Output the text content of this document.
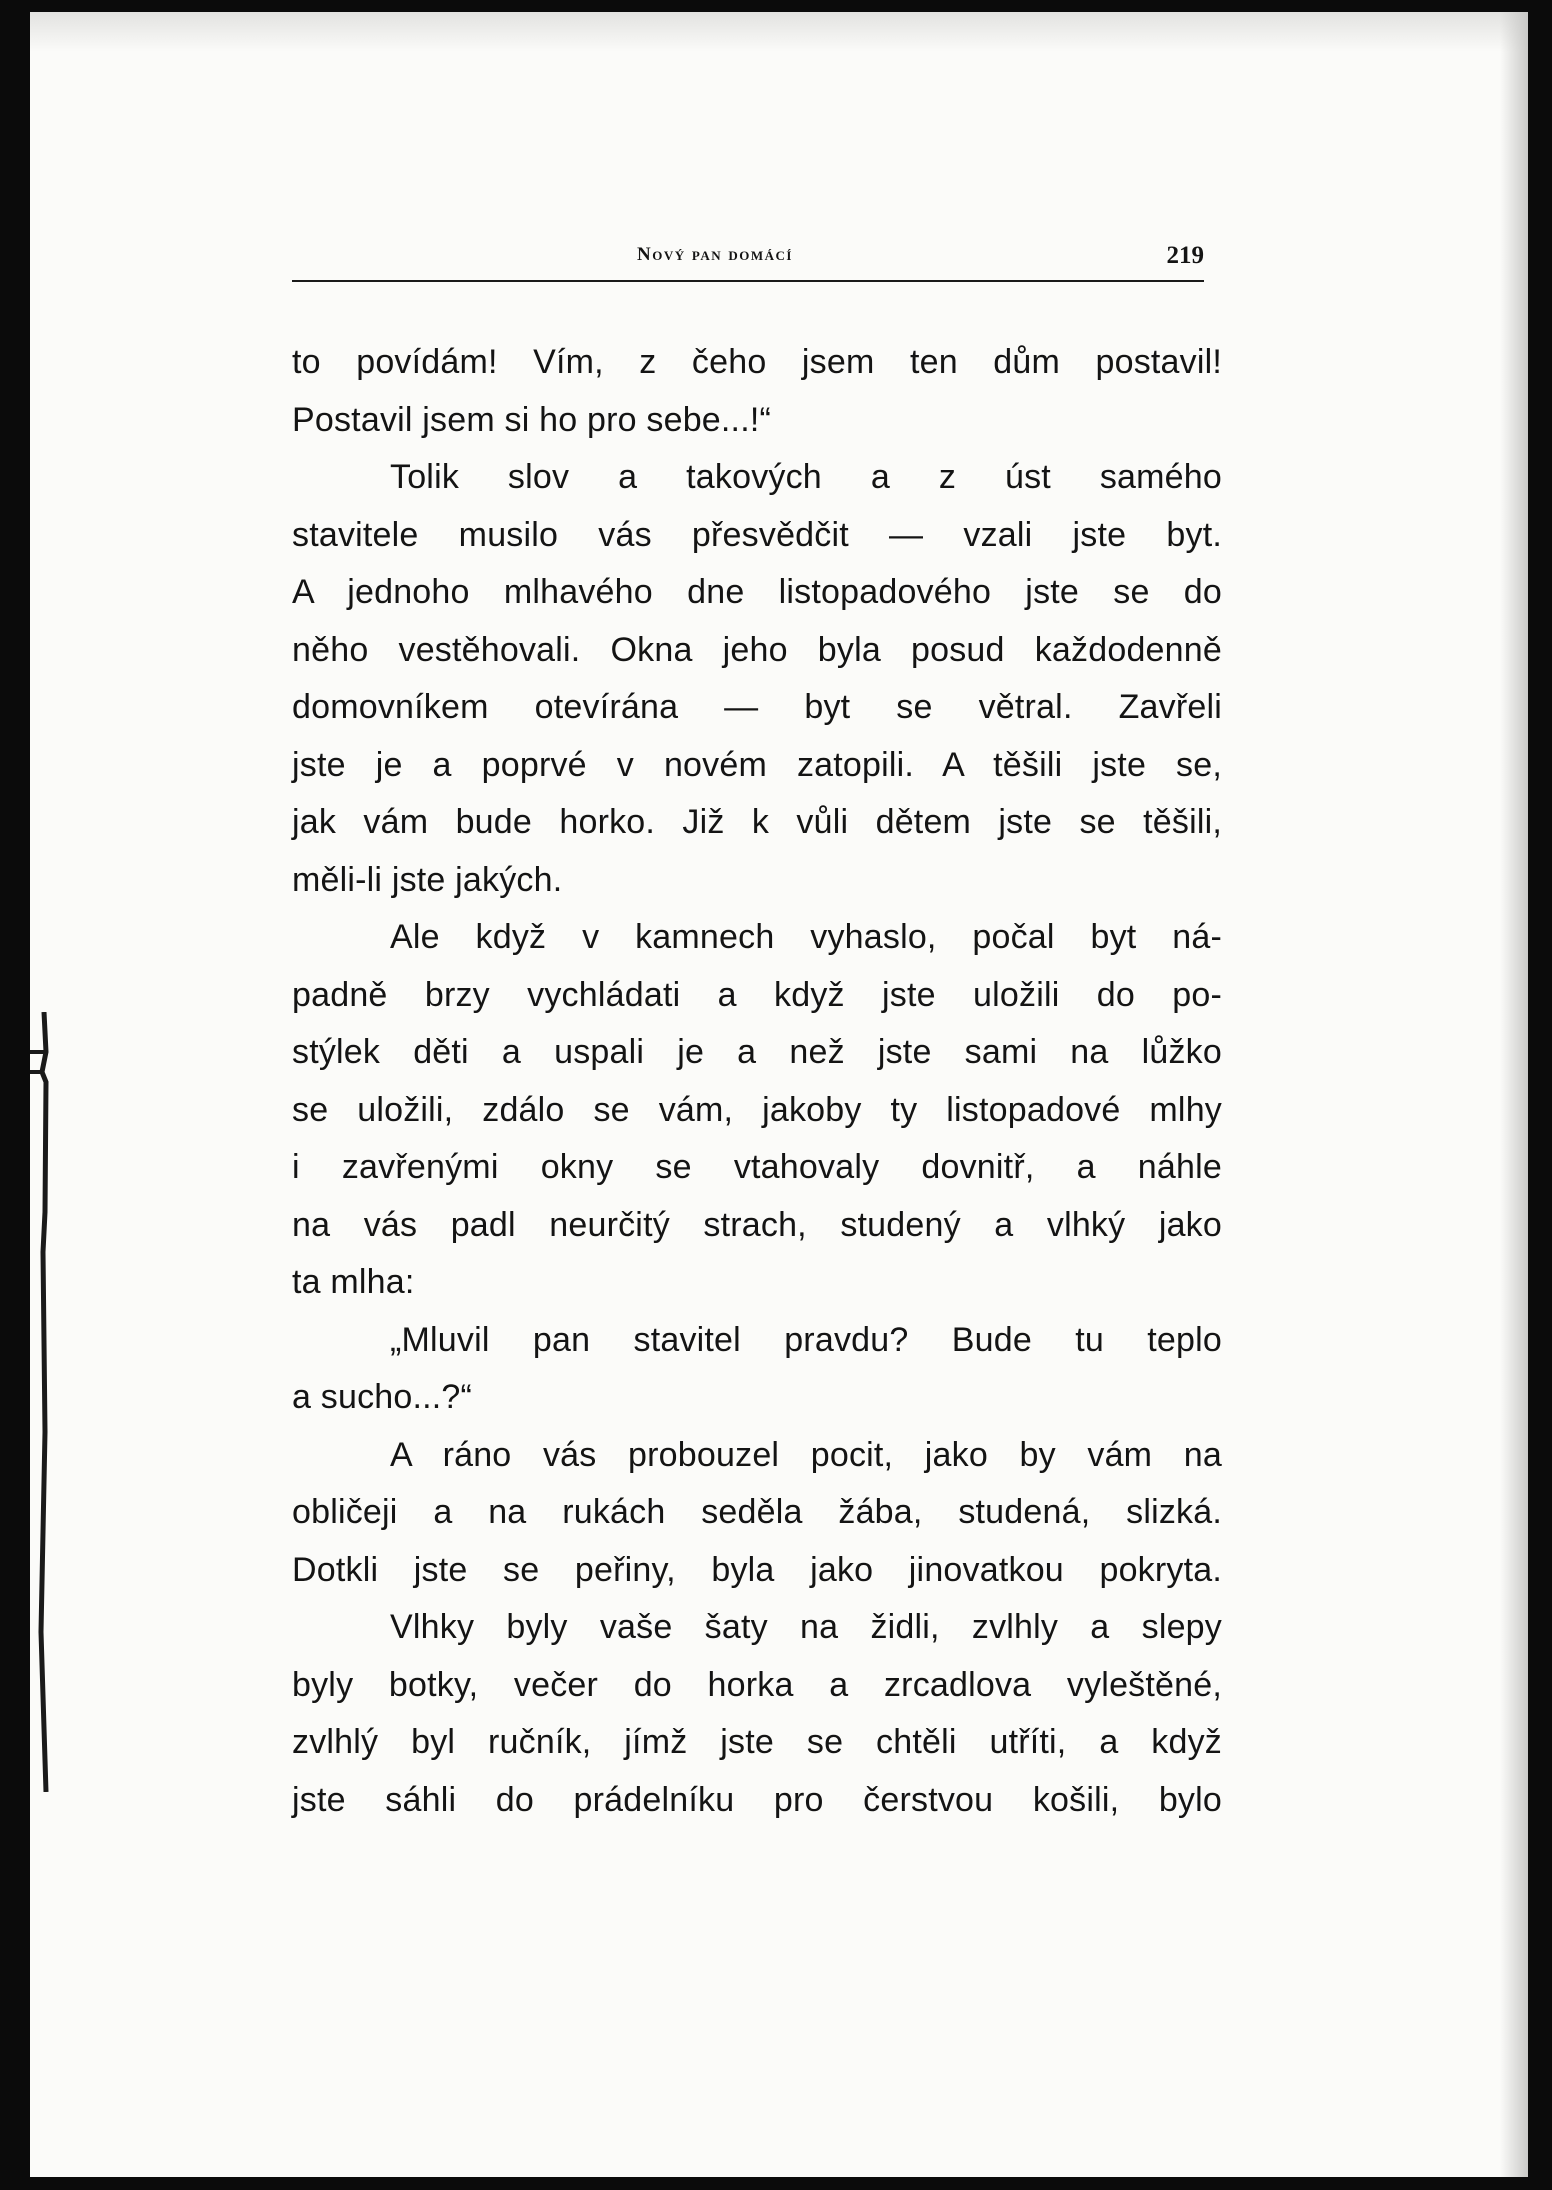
Nový pan domácí	219
to povídám! Vím, z čeho jsem ten dům postavil!
Postavil jsem si ho pro sebe...!“
Tolik slov a takových a z úst samého
stavitele musilo vás přesvědčit — vzali jste byt.
A jednoho mlhavého dne listopadového jste se do
něho vestěhovali. Okna jeho byla posud každodenně
domovníkem otevírána — byt se větral. Zavřeli
jste je a poprvé v novém zatopili. A těšili jste se,
jak vám bude horko. Již k vůli dětem jste se těšili,
měli-li jste jakých.
Ale když v kamnech vyhaslo, počal byt ná-
padně brzy vychládati a když jste uložili do po-
stýlek děti a uspali je a než jste sami na lůžko
se uložili, zdálo se vám, jakoby ty listopadové mlhy
i zavřenými okny se vtahovaly dovnitř, a náhle
na vás padl neurčitý strach, studený a vlhký jako
ta mlha:
„Mluvil pan stavitel pravdu? Bude tu teplo
a sucho...?“
A ráno vás probouzel pocit, jako by vám na
obličeji a na rukách seděla žába, studená, slizká.
Dotkli jste se peřiny, byla jako jinovatkou pokryta.
Vlhky byly vaše šaty na židli, zvlhly a slepy
byly botky, večer do horka a zrcadlova vyleštěné,
zvlhlý byl ručník, jímž jste se chtěli utříti, a když
jste sáhli do prádelníku pro čerstvou košili, bylo
